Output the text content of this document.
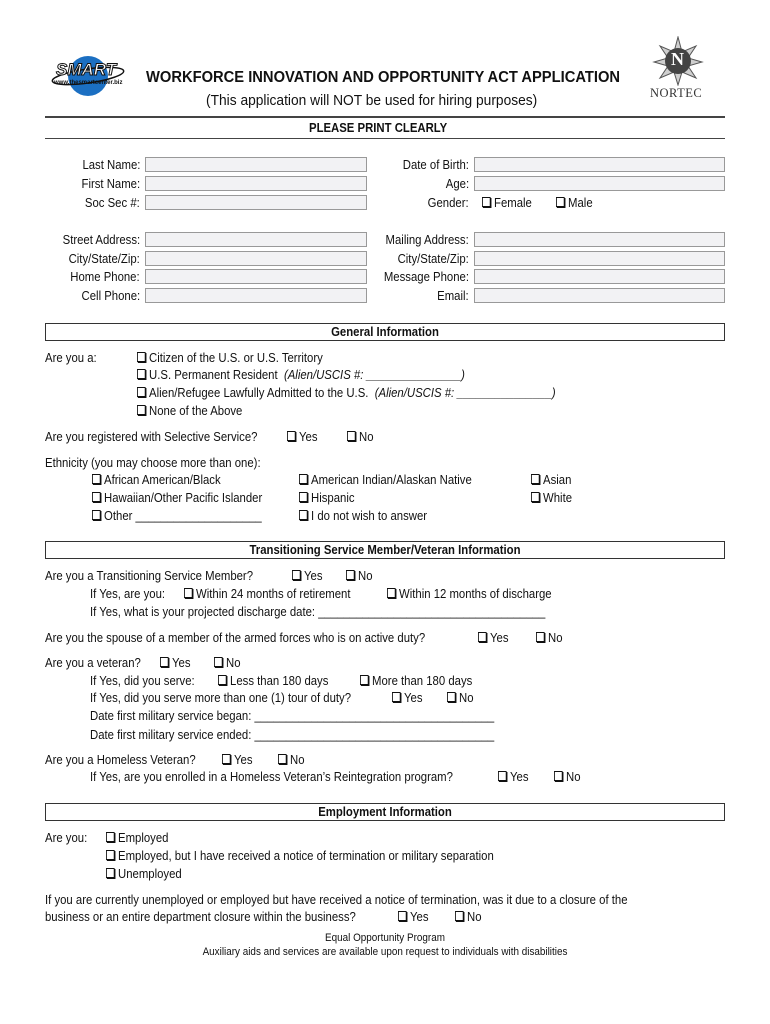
SMART
www.thesmartcenter.biz
N
NORTEC
WORKFORCE INNOVATION AND OPPORTUNITY ACT APPLICATION
(This application will NOT be used for hiring purposes)
PLEASE PRINT CLEARLY
Last Name:
First Name:
Soc Sec #:
Date of Birth:
Age:
Gender:	Female	Male
Street Address:
City/State/Zip:
Home Phone:
Cell Phone:
Mailing Address:
City/State/Zip:
Message Phone:
Email:
General Information
Are you a:	Citizen of the U.S. or U.S. Territory
U.S. Permanent Resident (Alien/USCIS #: _______________)
Alien/Refugee Lawfully Admitted to the U.S. (Alien/USCIS #: _______________)
None of the Above
Are you registered with Selective Service?	Yes	No
Ethnicity (you may choose more than one):
African American/Black
Hawaiian/Other Pacific Islander
Other ____________________
American Indian/Alaskan Native
Hispanic
I do not wish to answer
Asian
White
Transitioning Service Member/Veteran Information
Are you a Transitioning Service Member?	Yes	No
If Yes, are you:	Within 24 months of retirement	Within 12 months of discharge
If Yes, what is your projected discharge date: ____________________________________
Are you the spouse of a member of the armed forces who is on active duty?	Yes	No
Are you a veteran?	Yes	No
If Yes, did you serve:	Less than 180 days	More than 180 days
If Yes, did you serve more than one (1) tour of duty?	Yes	No
Date first military service began: ______________________________________
Date first military service ended: ______________________________________
Are you a Homeless Veteran?	Yes	No
If Yes, are you enrolled in a Homeless Veteran’s Reintegration program?	Yes	No
Employment Information
Are you:	Employed
Employed, but I have received a notice of termination or military separation
Unemployed
If you are currently unemployed or employed but have received a notice of termination, was it due to a closure of the
business or an entire department closure within the business?	Yes	No
Equal Opportunity Program
Auxiliary aids and services are available upon request to individuals with disabilities
